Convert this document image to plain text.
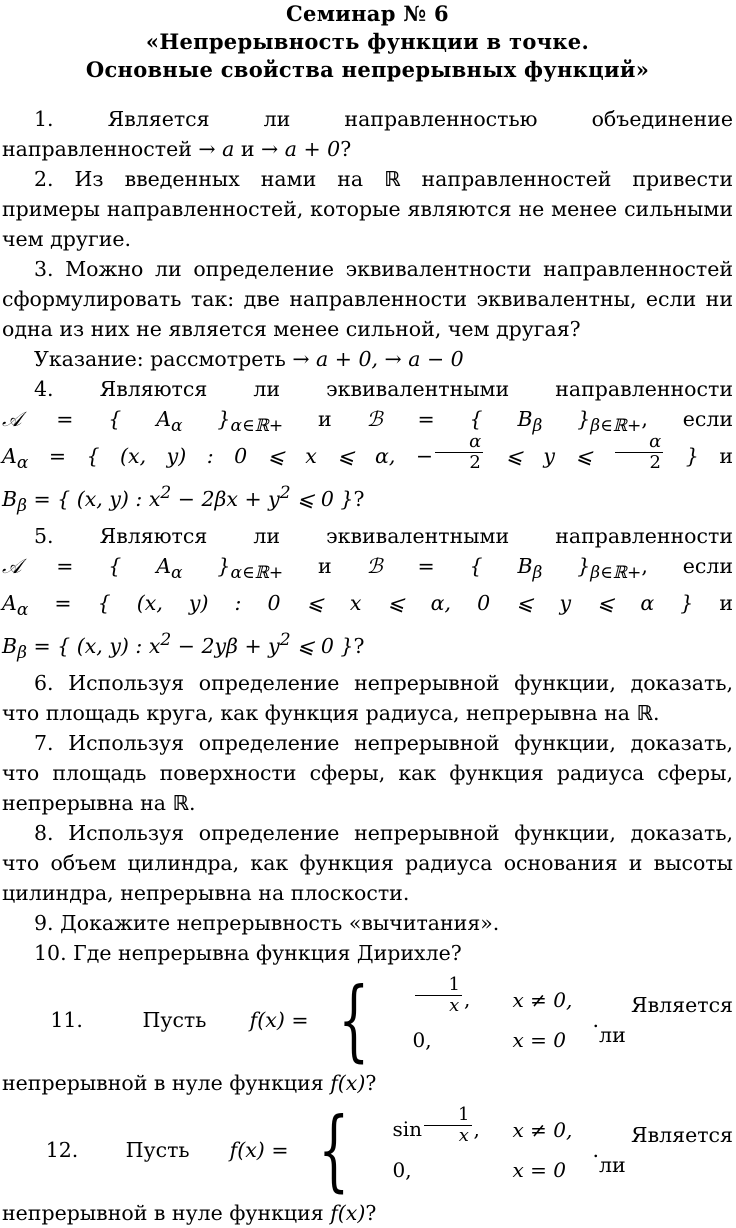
Семинар № 6
«Непрерывность функции в точке.
Основные свойства непрерывных функций»

1. Является ли направленностью объединение направленностей → a и → a + 0?

2. Из введенных нами на ℝ направленностей привести примеры направленностей, которые являются не менее сильными чем другие.

3. Можно ли определение эквивалентности направленностей сформулировать так: две направленности эквивалентны, если ни одна из них не является менее сильной, чем другая?

Указание: рассмотреть → a + 0, → a − 0

4. Являются ли эквивалентными направленности 𝒜 = { $A_\alpha$ }$_{\alpha\in ℝ+}$ и ℬ = { $B_\beta$ }$_{\beta\in ℝ+}$, если $A_\alpha$ = { (x, y) : 0 ⩽ x ⩽ α, − $\frac{\alpha}{2}$ ⩽ y ⩽ $\frac{\alpha}{2}$ } и $B_\beta$ = { (x, y) : $x^2 - 2\beta x + y^2$ ⩽ 0 }?

5. Являются ли эквивалентными направленности 𝒜 = { $A_\alpha$ }$_{\alpha\in ℝ+}$ и ℬ = { $B_\beta$ }$_{\beta\in ℝ+}$, если $A_\alpha$ = { (x, y) : 0 ⩽ x ⩽ α, 0 ⩽ y ⩽ α } и $B_\beta$ = { (x, y) : $x^2 - 2y\beta + y^2$ ⩽ 0 }?

6. Используя определение непрерывной функции, доказать, что площадь круга, как функция радиуса, непрерывна на ℝ.

7. Используя определение непрерывной функции, доказать, что площадь поверхности сферы, как функция радиуса сферы, непрерывна на ℝ.

8. Используя определение непрерывной функции, доказать, что объем цилиндра, как функция радиуса основания и высоты цилиндра, непрерывна на плоскости.

9. Докажите непрерывность «вычитания».

10. Где непрерывна функция Дирихле?

11.	Пусть	f(x) = {	$\frac{1}{x}$ ,	x ≠ 0,
0,	x = 0
.
Является ли

непрерывной в нуле функция f(x)?

12.	Пусть	f(x) = {	$\sin \frac{1}{x}$ ,	x ≠ 0,
0,	x = 0
.
Является ли

непрерывной в нуле функция f(x)?
